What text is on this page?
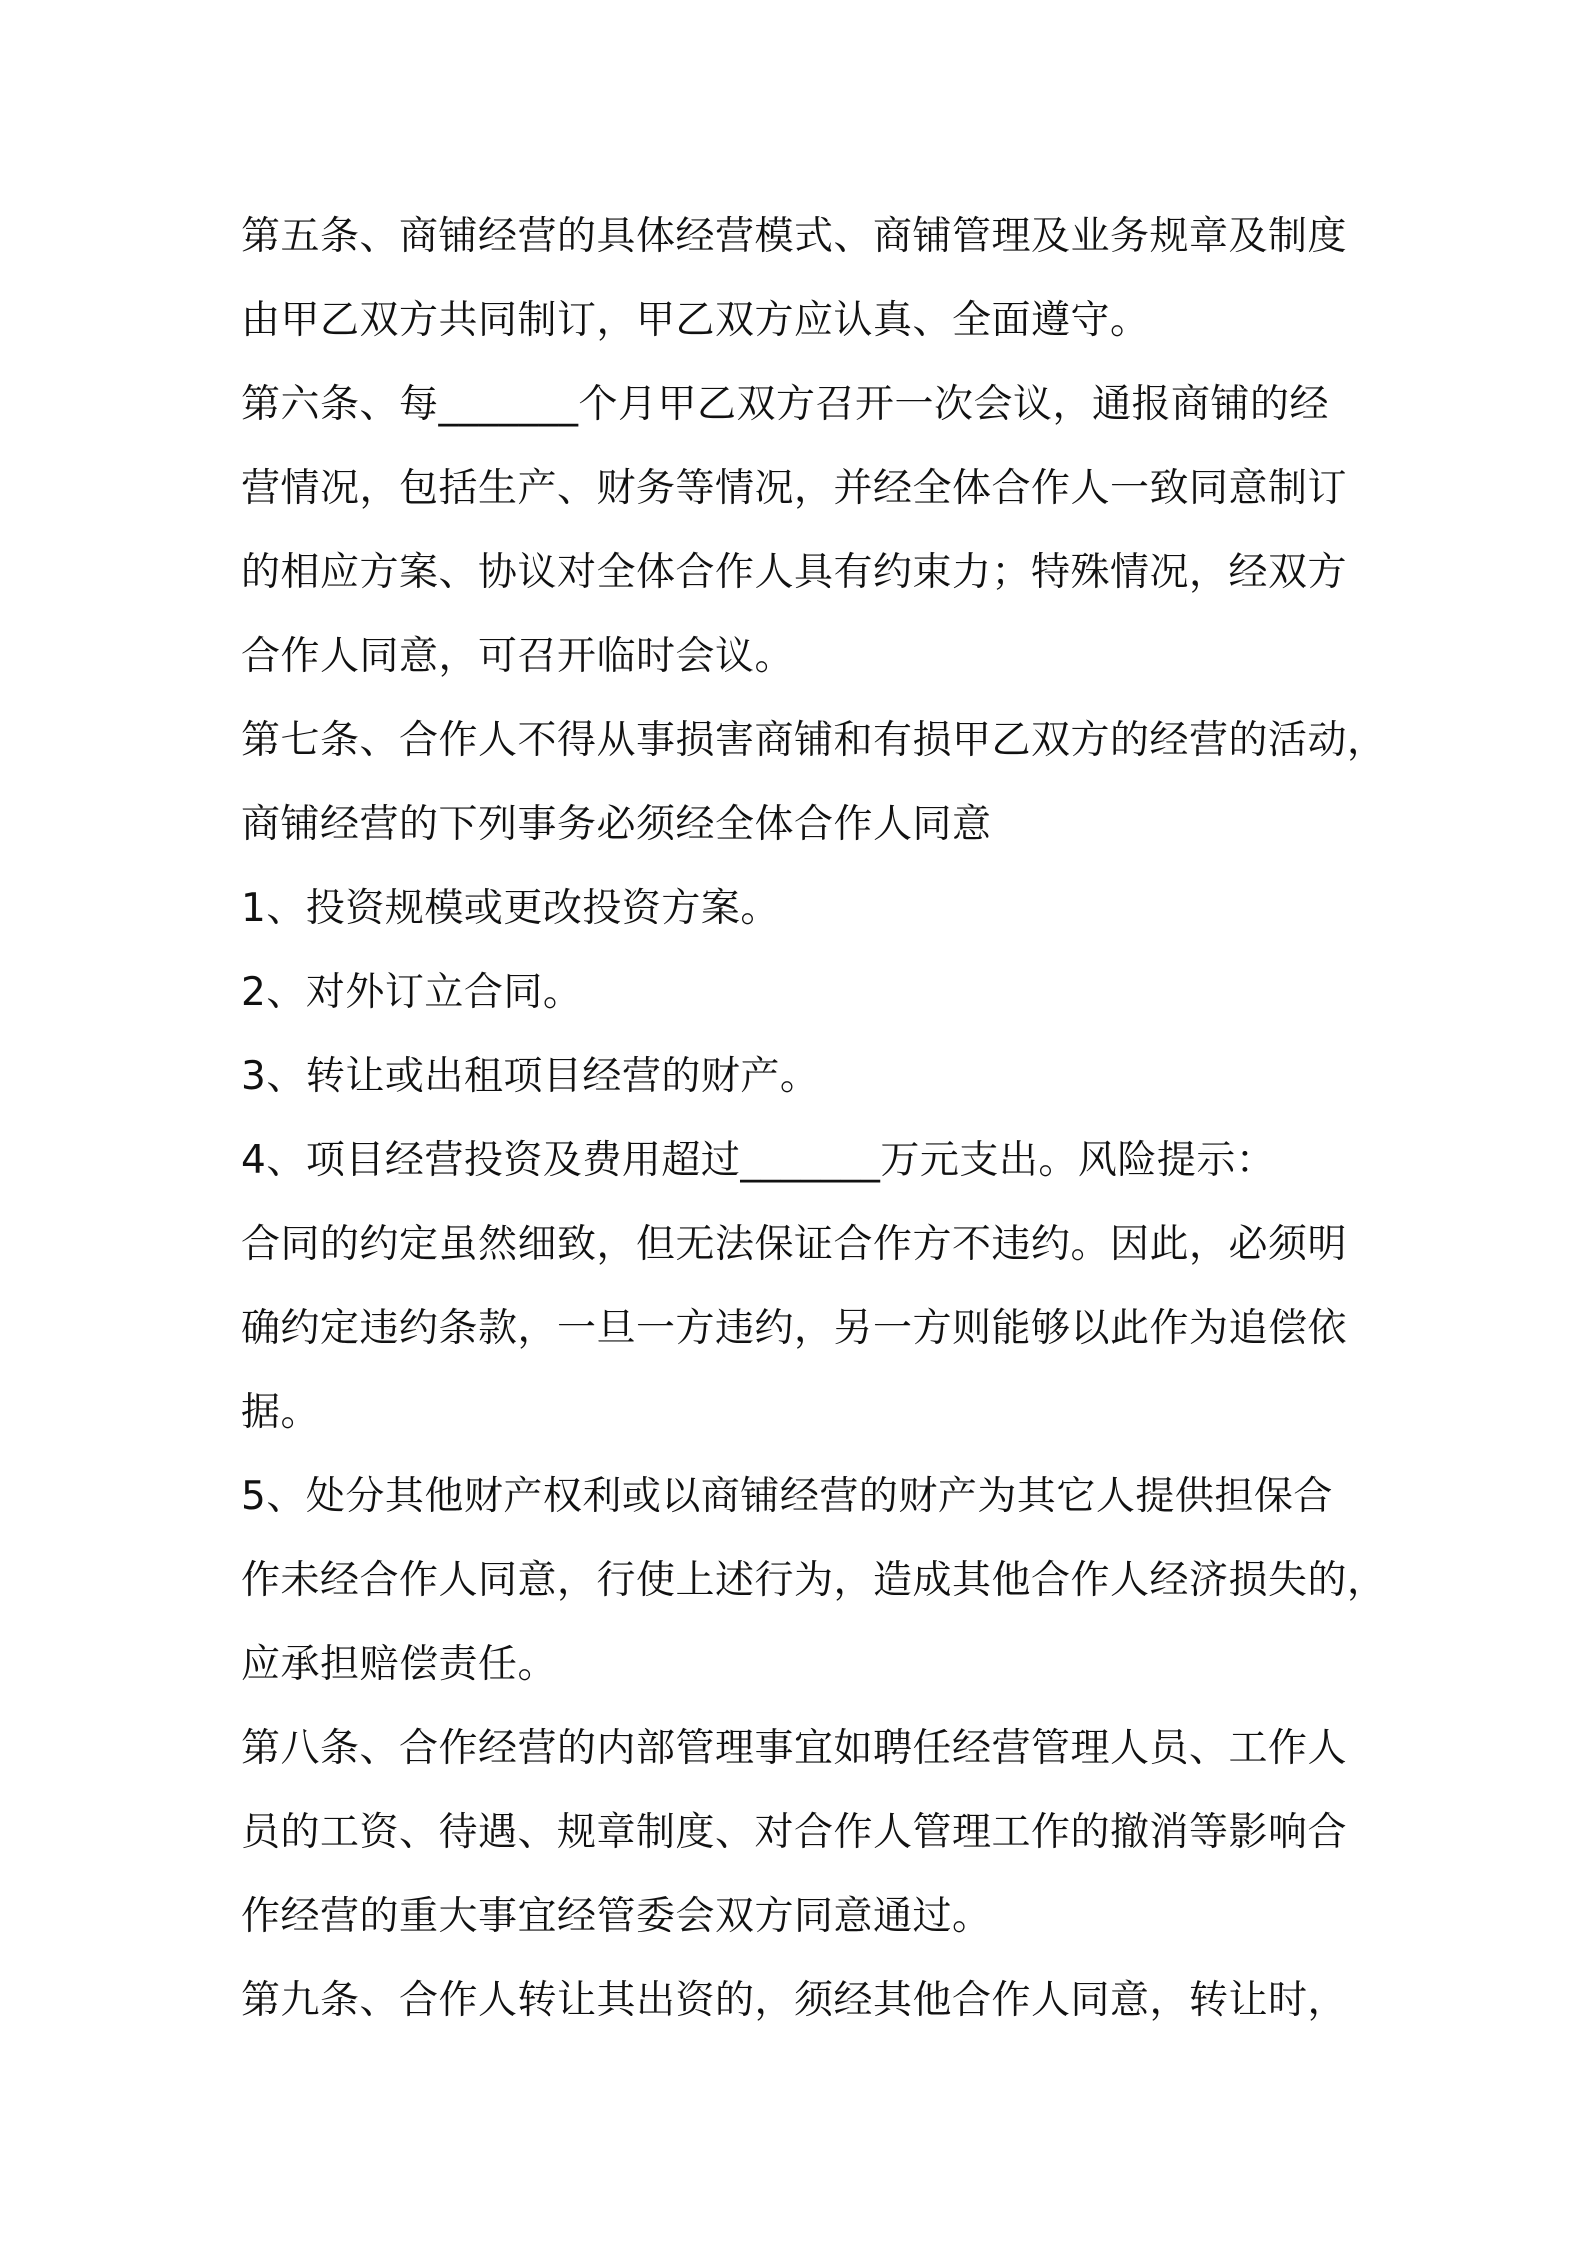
第五条、商铺经营的具体经营模式、商铺管理及业务规章及制度
由甲乙双方共同制订，甲乙双方应认真、全面遵守。
第六条、每_______个月甲乙双方召开一次会议，通报商铺的经
营情况，包括生产、财务等情况，并经全体合作人一致同意制订
的相应方案、协议对全体合作人具有约束力；特殊情况，经双方
合作人同意，可召开临时会议。
第七条、合作人不得从事损害商铺和有损甲乙双方的经营的活动，
商铺经营的下列事务必须经全体合作人同意
1、投资规模或更改投资方案。
2、对外订立合同。
3、转让或出租项目经营的财产。
4、项目经营投资及费用超过_______万元支出。风险提示：
合同的约定虽然细致，但无法保证合作方不违约。因此，必须明
确约定违约条款，一旦一方违约，另一方则能够以此作为追偿依
据。
5、处分其他财产权利或以商铺经营的财产为其它人提供担保合
作未经合作人同意，行使上述行为，造成其他合作人经济损失的，
应承担赔偿责任。
第八条、合作经营的内部管理事宜如聘任经营管理人员、工作人
员的工资、待遇、规章制度、对合作人管理工作的撤消等影响合
作经营的重大事宜经管委会双方同意通过。
第九条、合作人转让其出资的，须经其他合作人同意，转让时，
